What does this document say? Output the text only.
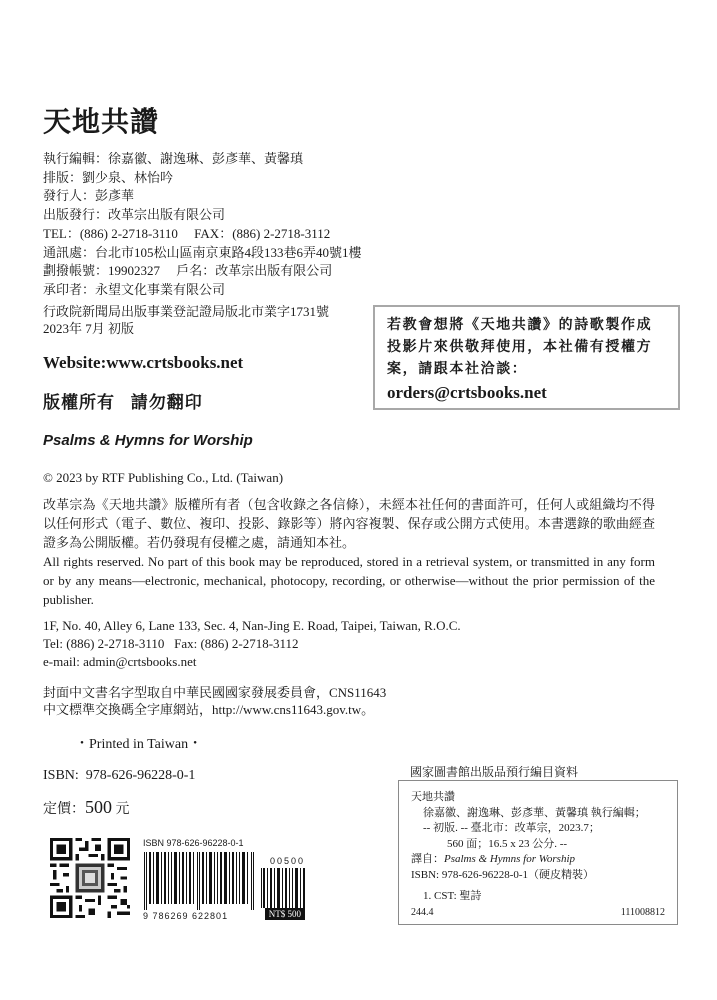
天地共讚
執行編輯：徐嘉徽、謝逸琳、彭彥華、黃馨瑱
排版：劉少泉、林怡吟
發行人：彭彥華
出版發行：改革宗出版有限公司
TEL：(886) 2-2718-3110     FAX：(886) 2-2718-3112
通訊處：台北市105松山區南京東路4段133巷6弄40號1樓
劃撥帳號：19902327     戶名：改革宗出版有限公司
承印者：永望文化事業有限公司
行政院新聞局出版事業登記證局版北市業字1731號
2023年 7月 初版
Website:www.crtsbooks.net
版權所有   請勿翻印
Psalms & Hymns for Worship
若教會想將《天地共讚》的詩歌製作成投影片來供敬拜使用，本社備有授權方案，請跟本社洽談：
orders@crtsbooks.net
© 2023 by RTF Publishing Co., Ltd. (Taiwan)
改革宗為《天地共讚》版權所有者（包含收錄之各信條），未經本社任何的書面許可，任何人或組織均不得以任何形式（電子、數位、複印、投影、錄影等）將內容複製、保存或公開方式使用。本書選錄的歌曲經查證多為公開版權。若仍發現有侵權之處，請通知本社。
All rights reserved. No part of this book may be reproduced, stored in a retrieval system, or transmitted in any form or by any means—electronic, mechanical, photocopy, recording, or otherwise—without the prior permission of the publisher.
1F, No. 40, Alley 6, Lane 133, Sec. 4, Nan-Jing E. Road, Taipei, Taiwan, R.O.C.
Tel: (886) 2-2718-3110   Fax: (886) 2-2718-3112
e-mail: admin@crtsbooks.net
封面中文書名字型取自中華民國國家發展委員會，CNS11643
中文標準交換碼全字庫網站，http://www.cns11643.gov.tw。
・Printed in Taiwan・
ISBN:  978-626-96228-0-1
定價：500 元
ISBN 978-626-96228-0-1
00500
9 786269 622801	NT$ 500
國家圖書館出版品預行編目資料
天地共讚
徐嘉徽、謝逸琳、彭彥華、黃馨瑱 執行編輯；
-- 初版. -- 臺北市：改革宗，2023.7；
560 面；16.5 x 23 公分. --
譯自：Psalms & Hymns for Worship
ISBN: 978-626-96228-0-1（硬皮精裝）
1. CST: 聖詩
244.4	111008812
